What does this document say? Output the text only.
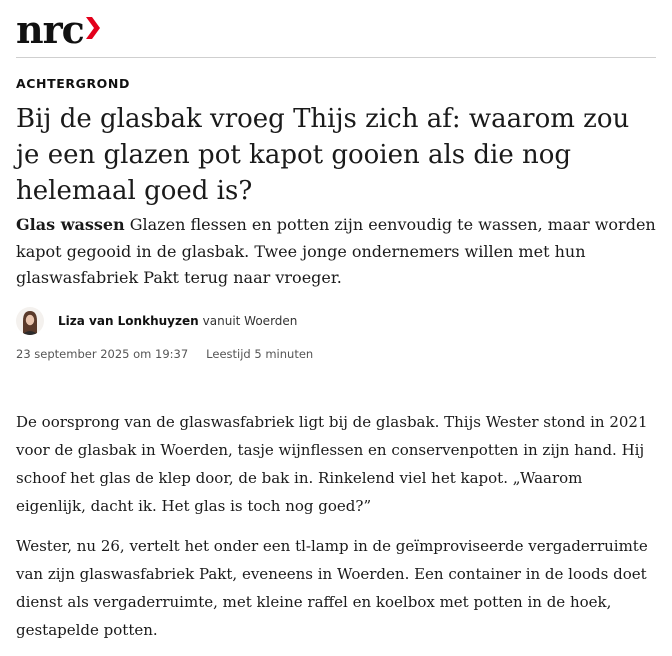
nrc
ACHTERGROND
Bij de glasbak vroeg Thijs zich af: waarom zou je een glazen pot kapot gooien als die nog helemaal goed is?

Glas wassen Glazen flessen en potten zijn eenvoudig te wassen, maar worden kapot gegooid in de glasbak. Twee jonge ondernemers willen met hun glaswasfabriek Pakt terug naar vroeger.

Liza van Lonkhuyzen vanuit Woerden
23 september 2025 om 19:37 Leestijd 5 minuten

De oorsprong van de glaswasfabriek ligt bij de glasbak. Thijs Wester stond in 2021 voor de glasbak in Woerden, tasje wijnflessen en conservenpotten in zijn hand. Hij schoof het glas de klep door, de bak in. Rinkelend viel het kapot. „Waarom eigenlijk, dacht ik. Het glas is toch nog goed?”

Wester, nu 26, vertelt het onder een tl-lamp in de geïmproviseerde vergaderruimte van zijn glaswasfabriek Pakt, eveneens in Woerden. Een container in de loods doet dienst als vergaderruimte, met kleine raffel en koelbox met potten in de hoek, gestapelde potten.
